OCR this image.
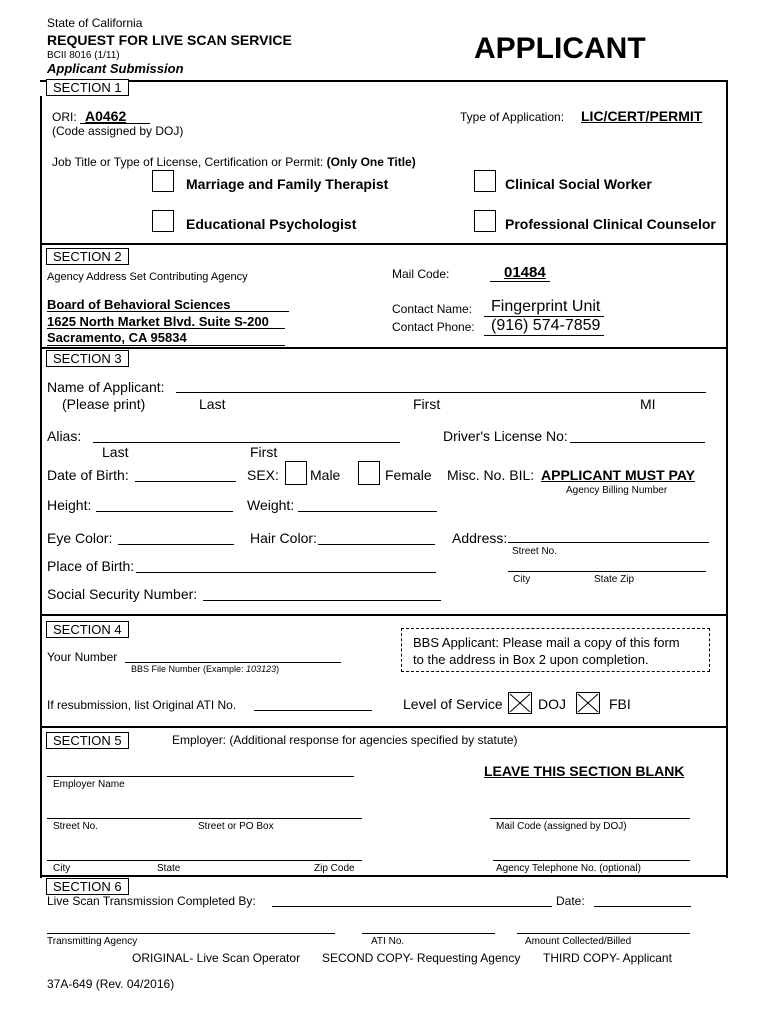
State of California
REQUEST FOR LIVE SCAN SERVICE
BCII 8016 (1/11)
Applicant Submission
APPLICANT
SECTION 1
ORI: A0462
(Code assigned by DOJ)
Type of Application: LIC/CERT/PERMIT
Job Title or Type of License, Certification or Permit: (Only One Title)
Marriage and Family Therapist	Clinical Social Worker
Educational Psychologist	Professional Clinical Counselor
SECTION 2
Agency Address Set Contributing Agency	Mail Code:	01484
Board of Behavioral Sciences
1625 North Market Blvd. Suite S-200
Sacramento, CA 95834
Contact Name: Fingerprint Unit
Contact Phone: (916) 574-7859
SECTION 3
Name of Applicant:
(Please print)	Last	First	MI
Alias:
Last	First
Driver's License No:
Date of Birth:	SEX: Male	Female Misc. No. BIL: APPLICANT MUST PAY
Agency Billing Number
Height:	Weight:
Eye Color:	Hair Color:	Address:
Street No.
City	State Zip
Place of Birth:
Social Security Number:
SECTION 4
Your Number
BBS File Number (Example: 103123)
BBS Applicant: Please mail a copy of this form
to the address in Box 2 upon completion.
If resubmission, list Original ATI No.	Level of Service	DOJ	FBI
SECTION 5	Employer: (Additional response for agencies specified by statute)
LEAVE THIS SECTION BLANK
Employer Name
Street No.	Street or PO Box	Mail Code (assigned by DOJ)
City	State	Zip Code	Agency Telephone No. (optional)
SECTION 6
Live Scan Transmission Completed By:	Date:
Transmitting Agency	ATI No.	Amount Collected/Billed
ORIGINAL- Live Scan Operator SECOND COPY- Requesting Agency THIRD COPY- Applicant
37A-649 (Rev. 04/2016)
